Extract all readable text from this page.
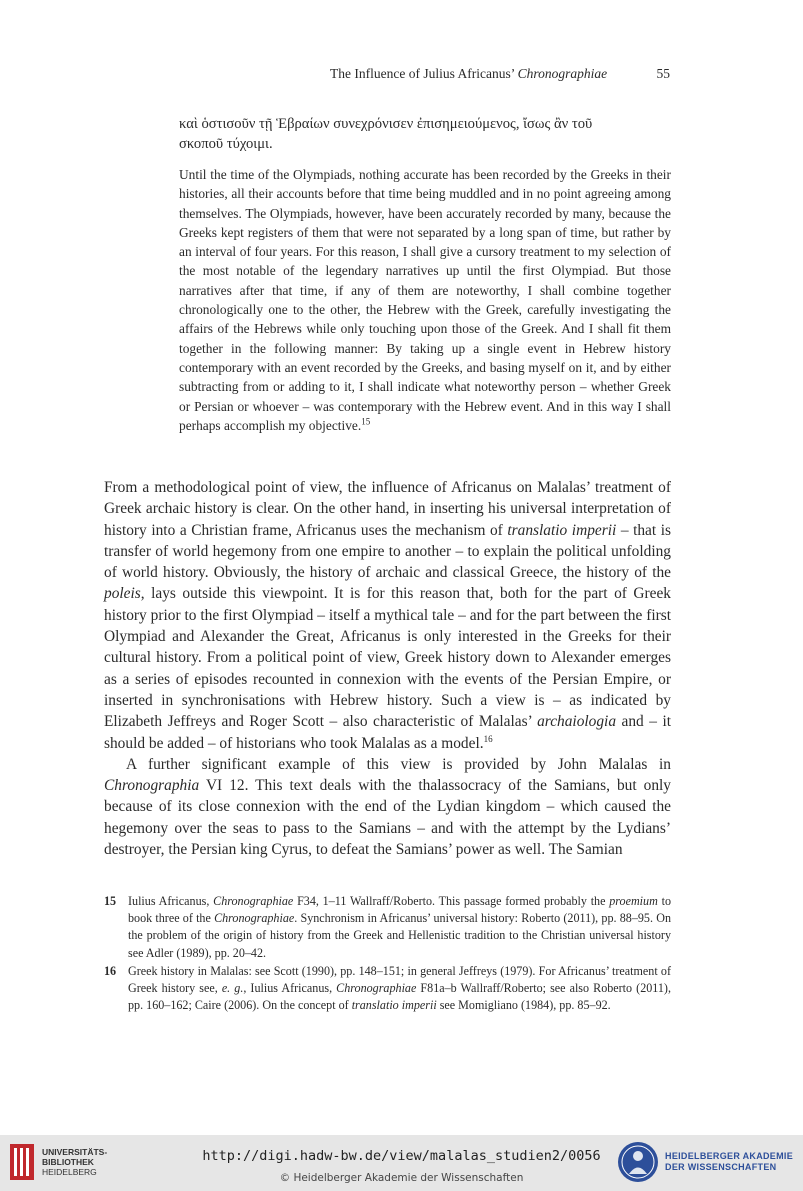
The Influence of Julius Africanus’ Chronographiae	55

καὶ ὁστισοῦν τῇ Ἑβραίων συνεχρόνισεν ἐπισημειούμενος, ἴσως ἂν τοῦ

σκοποῦ τύχοιμι.

Until the time of the Olympiads, nothing accurate has been recorded by the Greeks in their histories, all their accounts before that time being muddled and in no point agreeing among themselves. The Olympiads, however, have been accurately recorded by many, because the Greeks kept registers of them that were not separated by a long span of time, but rather by an interval of four years. For this reason, I shall give a cursory treatment to my selection of the most notable of the legendary narratives up until the first Olympiad. But those narratives after that time, if any of them are noteworthy, I shall combine together chronologically one to the other, the Hebrew with the Greek, carefully investigating the affairs of the Hebrews while only touching upon those of the Greek. And I shall fit them together in the following manner: By taking up a single event in Hebrew history contemporary with an event recorded by the Greeks, and basing myself on it, and by either subtracting from or adding to it, I shall indicate what noteworthy person – whether Greek or Persian or whoever – was contemporary with the Hebrew event. And in this way I shall perhaps accomplish my objective.$^{15}$

From a methodological point of view, the influence of Africanus on Malalas’ treatment of Greek archaic history is clear. On the other hand, in inserting his universal interpretation of history into a Christian frame, Africanus uses the mechanism of translatio imperii – that is transfer of world hegemony from one empire to another – to explain the political unfolding of world history. Obviously, the history of archaic and classical Greece, the history of the poleis, lays outside this viewpoint. It is for this reason that, both for the part of Greek history prior to the first Olympiad – itself a mythical tale – and for the part between the first Olympiad and Alexander the Great, Africanus is only interested in the Greeks for their cultural history. From a political point of view, Greek history down to Alexander emerges as a series of episodes recounted in connexion with the events of the Persian Empire, or inserted in synchronisations with Hebrew history. Such a view is – as indicated by Elizabeth Jeffreys and Roger Scott – also characteristic of Malalas’ archaiologia and – it should be added – of historians who took Malalas as a model.$^{16}$

A further significant example of this view is provided by John Malalas in Chronographia VI 12. This text deals with the thalassocracy of the Samians, but only because of its close connexion with the end of the Lydian kingdom – which caused the hegemony over the seas to pass to the Samians – and with the attempt by the Lydians’ destroyer, the Persian king Cyrus, to defeat the Samians’ power as well. The Samian

15 Iulius Africanus, Chronographiae F34, 1–11 Wallraff/Roberto. This passage formed probably the proemium to book three of the Chronographiae. Synchronism in Africanus’ universal history: Roberto (2011), pp. 88–95. On the problem of the origin of history from the Greek and Hellenistic tradition to the Christian universal history see Adler (1989), pp. 20–42.
16 Greek history in Malalas: see Scott (1990), pp. 148–151; in general Jeffreys (1979). For Africanus’ treatment of Greek history see, e. g., Iulius Africanus, Chronographiae F81a–b Wallraff/Roberto; see also Roberto (2011), pp. 160–162; Caire (2006). On the concept of translatio imperii see Momigliano (1984), pp. 85–92.
UNIVERSITÄTS-
BIBLIOTHEK
HEIDELBERG
http://digi.hadw-bw.de/view/malalas_studien2/0056
© Heidelberger Akademie der Wissenschaften
HEIDELBERGER AKADEMIE
DER WISSENSCHAFTEN
